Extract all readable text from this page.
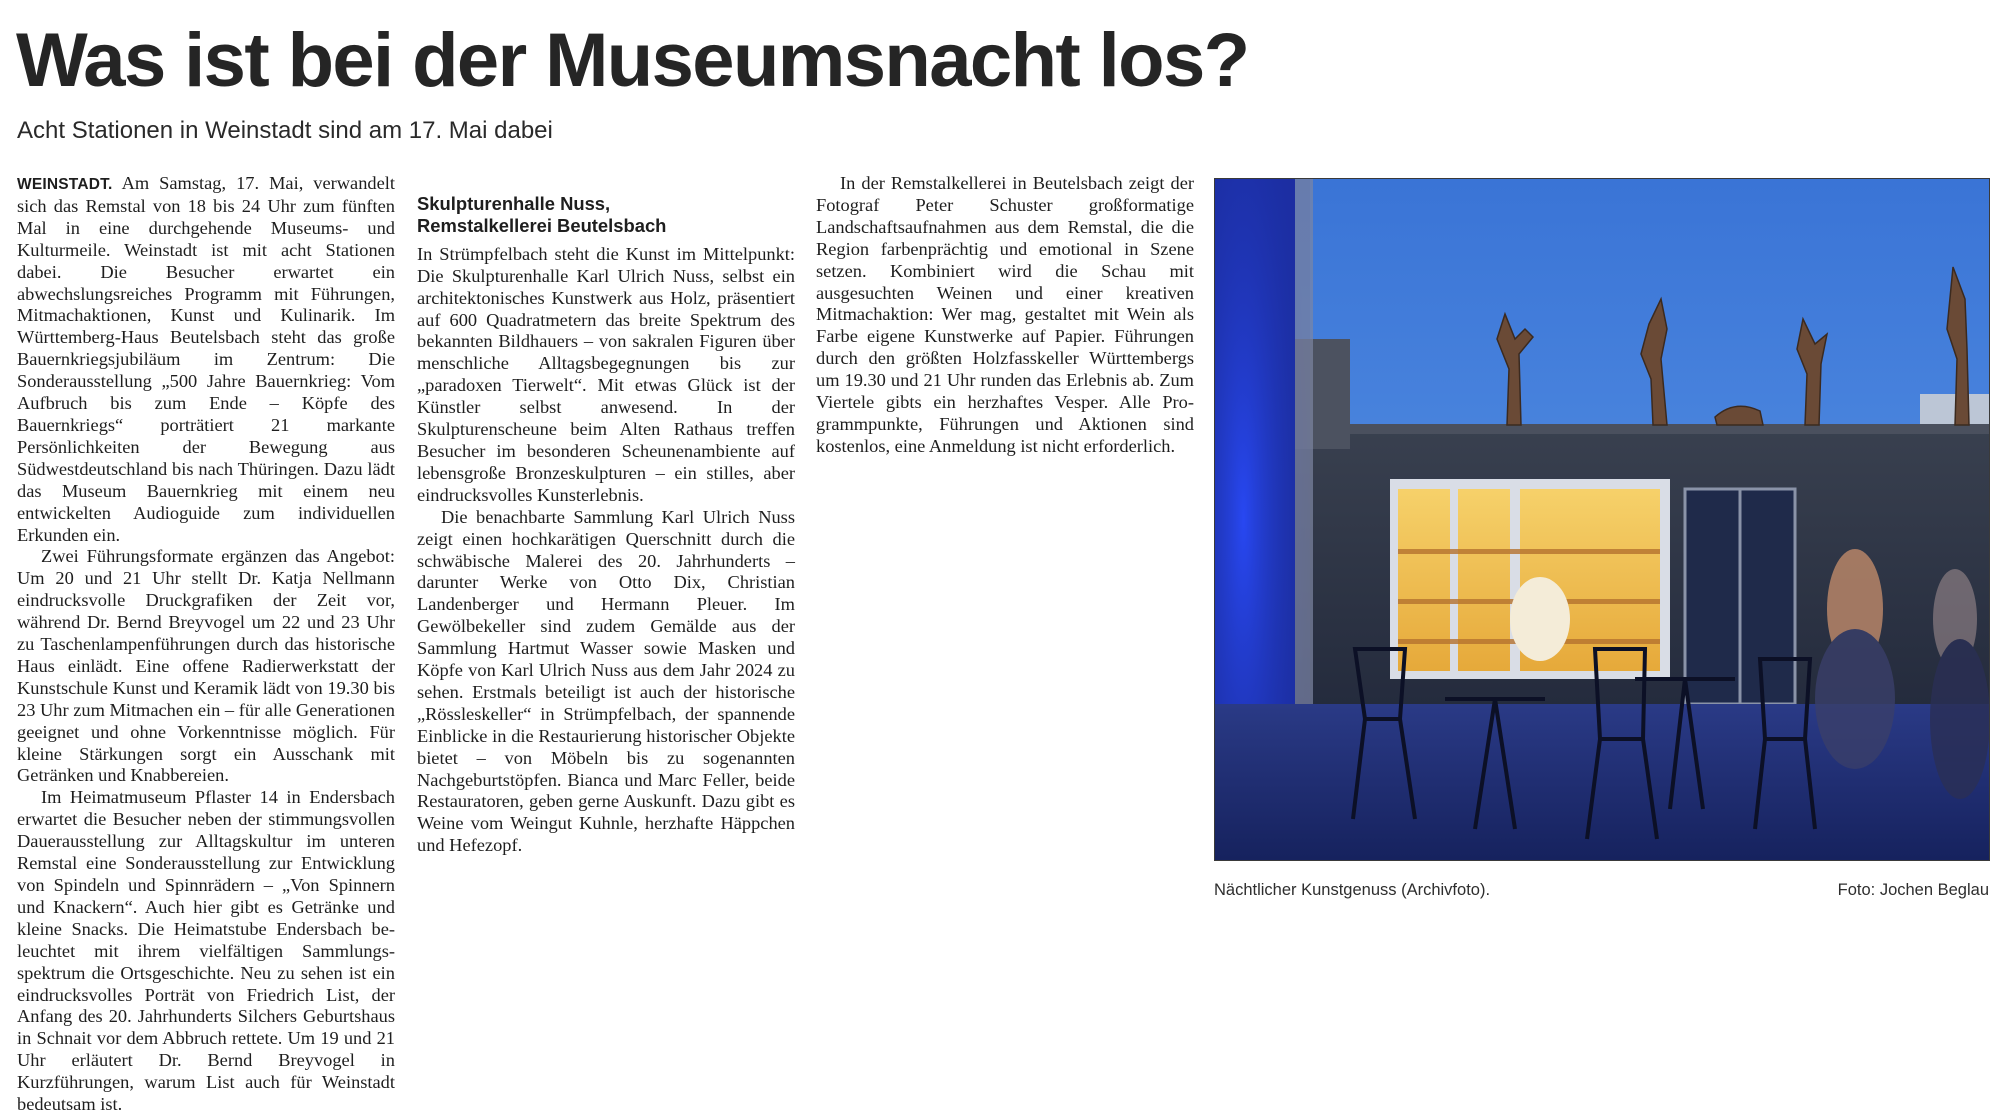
Was ist bei der Museumsnacht los?
Acht Stationen in Weinstadt sind am 17. Mai dabei

WEINSTADT. Am Samstag, 17. Mai, verwandelt sich das Remstal von 18 bis 24 Uhr zum fünften Mal in eine durchgehende Museums- und Kulturmeile. Weinstadt ist mit acht Stationen dabei. Die Besucher erwartet ein abwechslungsreiches Programm mit Führungen, Mitmachaktionen, Kunst und Kulinarik. Im Württemberg-Haus Beutelsbach steht das große Bauernkriegsjubiläum im Zentrum: Die Sonderausstellung „500 Jahre Bauernkrieg: Vom Aufbruch bis zum Ende – Köpfe des Bauernkriegs“ porträtiert 21 markante Persönlichkeiten der Bewegung aus Südwestdeutschland bis nach Thüringen. Dazu lädt das Museum Bauernkrieg mit einem neu entwickelten Audioguide zum individuellen Erkunden ein.

Zwei Führungsformate ergänzen das Angebot: Um 20 und 21 Uhr stellt Dr. Katja Nellmann eindrucksvolle Druckgrafiken der Zeit vor, während Dr. Bernd Breyvogel um 22 und 23 Uhr zu Taschenlampenführungen durch das historische Haus einlädt. Eine offene Radierwerkstatt der Kunstschule Kunst und Keramik lädt von 19.30 bis 23 Uhr zum Mitmachen ein – für alle Generationen geeignet und ohne Vorkenntnisse möglich. Für kleine Stärkungen sorgt ein Ausschank mit Getränken und Knabbereien.

Im Heimatmuseum Pflaster 14 in Endersbach erwartet die Besucher neben der stimmungsvollen Dauerausstellung zur Alltagskultur im unteren Remstal eine Sonderausstellung zur Entwicklung von Spindeln und Spinnrädern – „Von Spinnern und Knackern“. Auch hier gibt es Getränke und kleine Snacks. Die Heimatstube Endersbach beleuchtet mit ihrem vielfältigen Sammlungsspektrum die Ortsgeschichte. Neu zu sehen ist ein eindrucksvolles Porträt von Friedrich List, der Anfang des 20. Jahrhunderts Silchers Geburtshaus in Schnait vor dem Abbruch rettete. Um 19 und 21 Uhr erläutert Dr. Bernd Breyvogel in Kurzführungen, warum List auch für Weinstadt bedeutsam ist.

Skulpturenhalle Nuss,
Remstalkellerei Beutelsbach

In Strümpfelbach steht die Kunst im Mittelpunkt: Die Skulpturenhalle Karl Ulrich Nuss, selbst ein architektonisches Kunstwerk aus Holz, präsentiert auf 600 Quadratmetern das breite Spektrum des bekannten Bildhauers – von sakralen Figuren über menschliche Alltagsbegegnungen bis zur „paradoxen Tierwelt“. Mit etwas Glück ist der Künstler selbst anwesend. In der Skulpturenscheune beim Alten Rathaus treffen Besucher im besonderen Scheunenambiente auf lebensgroße Bronzeskulpturen – ein stilles, aber eindrucksvolles Kunsterlebnis.

Die benachbarte Sammlung Karl Ulrich Nuss zeigt einen hochkarätigen Querschnitt durch die schwäbische Malerei des 20. Jahrhunderts – darunter Werke von Otto Dix, Christian Landenberger und Hermann Pleuer. Im Gewölbekeller sind zudem Gemälde aus der Sammlung Hartmut Wasser sowie Masken und Köpfe von Karl Ulrich Nuss aus dem Jahr 2024 zu sehen. Erstmals beteiligt ist auch der historische „Rössleskeller“ in Strümpfelbach, der spannende Einblicke in die Restaurierung historischer Objekte bietet – von Möbeln bis zu sogenannten Nachgeburtstöpfen. Bianca und Marc Feller, beide Restauratoren, geben gerne Auskunft. Dazu gibt es Weine vom Weingut Kuhnle, herzhafte Häppchen und Hefezopf.

In der Remstalkellerei in Beutelsbach zeigt der Fotograf Peter Schuster großformatige Landschaftsaufnahmen aus dem Remstal, die die Region farbenprächtig und emotional in Szene setzen. Kombiniert wird die Schau mit ausgesuchten Weinen und einer kreativen Mitmachaktion: Wer mag, gestaltet mit Wein als Farbe eigene Kunstwerke auf Papier. Führungen durch den größten Holzfasskeller Württembergs um 19.30 und 21 Uhr runden das Erlebnis ab. Zum Viertele gibts ein herzhaftes Vesper. Alle Programmpunkte, Führungen und Aktionen sind kostenlos, eine Anmeldung ist nicht erforderlich.

Nächtlicher Kunstgenuss (Archivfoto).	Foto: Jochen Beglau
